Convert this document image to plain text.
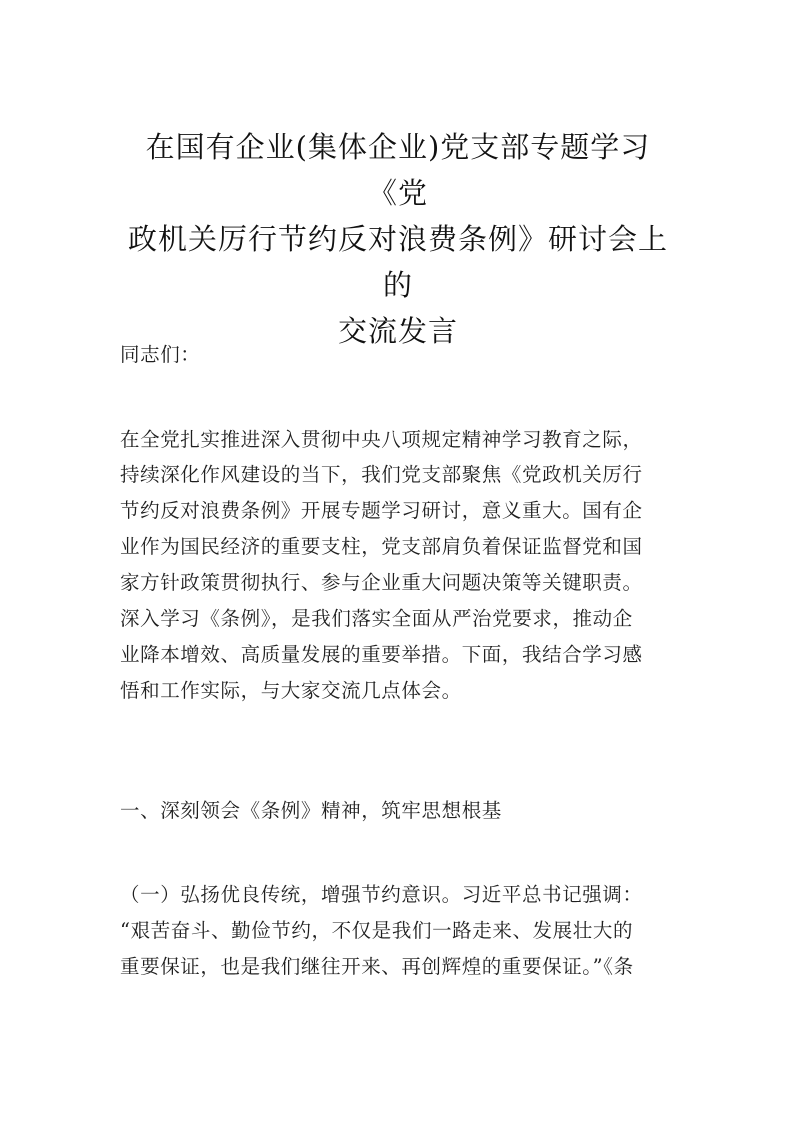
在国有企业(集体企业)党支部专题学习《党
政机关厉行节约反对浪费条例》研讨会上的
交流发言
同志们：
在全党扎实推进深入贯彻中央八项规定精神学习教育之际，
持续深化作风建设的当下，我们党支部聚焦《党政机关厉行
节约反对浪费条例》开展专题学习研讨，意义重大。国有企
业作为国民经济的重要支柱，党支部肩负着保证监督党和国
家方针政策贯彻执行、参与企业重大问题决策等关键职责。
深入学习《条例》，是我们落实全面从严治党要求，推动企
业降本增效、高质量发展的重要举措。下面，我结合学习感
悟和工作实际，与大家交流几点体会。
一、深刻领会《条例》精神，筑牢思想根基
（一）弘扬优良传统，增强节约意识。习近平总书记强调：
“艰苦奋斗、勤俭节约，不仅是我们一路走来、发展壮大的
重要保证，也是我们继往开来、再创辉煌的重要保证。”《条
